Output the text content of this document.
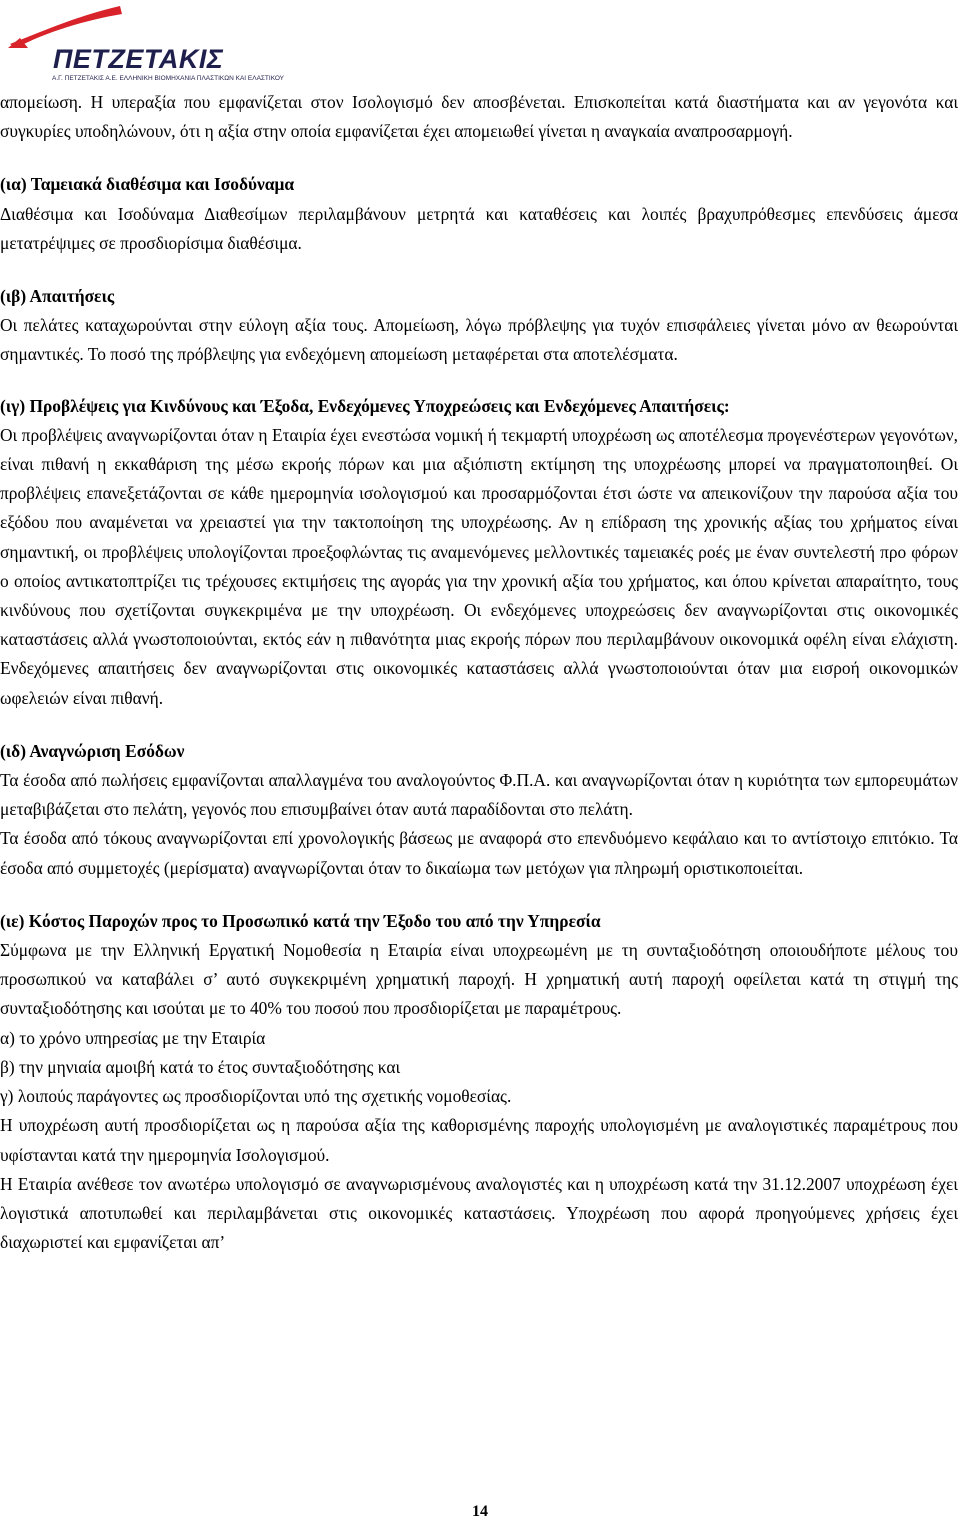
ΠΕΤΖΕΤΑΚΙΣ
Α.Γ. ΠΕΤΖΕΤΑΚΙΣ Α.Ε. ΕΛΛΗΝΙΚΗ ΒΙΟΜΗΧΑΝΙΑ ΠΛΑΣΤΙΚΩΝ ΚΑΙ ΕΛΑΣΤΙΚΟΥ

απομείωση. Η υπεραξία που εμφανίζεται στον Ισολογισμό δεν αποσβένεται. Επισκοπείται κατά διαστήματα και αν γεγονότα και συγκυρίες υποδηλώνουν, ότι η αξία στην οποία εμφανίζεται έχει απομειωθεί γίνεται η αναγκαία αναπροσαρμογή.

(ια) Ταμειακά διαθέσιμα και Ισοδύναμα

Διαθέσιμα και Ισοδύναμα Διαθεσίμων περιλαμβάνουν μετρητά και καταθέσεις και λοιπές βραχυπρόθεσμες επενδύσεις άμεσα μετατρέψιμες σε προσδιορίσιμα διαθέσιμα.

(ιβ) Απαιτήσεις

Οι πελάτες καταχωρούνται στην εύλογη αξία τους. Απομείωση, λόγω πρόβλεψης για τυχόν επισφάλειες γίνεται μόνο αν θεωρούνται σημαντικές. Το ποσό της πρόβλεψης για ενδεχόμενη απομείωση μεταφέρεται στα αποτελέσματα.

(ιγ) Προβλέψεις για Κινδύνους και Έξοδα, Ενδεχόμενες Υποχρεώσεις και Ενδεχόμενες Απαιτήσεις:

Οι προβλέψεις αναγνωρίζονται όταν η Εταιρία έχει ενεστώσα νομική ή τεκμαρτή υποχρέωση ως αποτέλεσμα προγενέστερων γεγονότων, είναι πιθανή η εκκαθάριση της μέσω εκροής πόρων και μια αξιόπιστη εκτίμηση της υποχρέωσης μπορεί να πραγματοποιηθεί. Οι προβλέψεις επανεξετάζονται σε κάθε ημερομηνία ισολογισμού και προσαρμόζονται έτσι ώστε να απεικονίζουν την παρούσα αξία του εξόδου που αναμένεται να χρειαστεί για την τακτοποίηση της υποχρέωσης. Αν η επίδραση της χρονικής αξίας του χρήματος είναι σημαντική, οι προβλέψεις υπολογίζονται προεξοφλώντας τις αναμενόμενες μελλοντικές ταμειακές ροές με έναν συντελεστή προ φόρων ο οποίος αντικατοπτρίζει τις τρέχουσες εκτιμήσεις της αγοράς για την χρονική αξία του χρήματος, και όπου κρίνεται απαραίτητο, τους κινδύνους που σχετίζονται συγκεκριμένα με την υποχρέωση. Οι ενδεχόμενες υποχρεώσεις δεν αναγνωρίζονται στις οικονομικές καταστάσεις αλλά γνωστοποιούνται, εκτός εάν η πιθανότητα μιας εκροής πόρων που περιλαμβάνουν οικονομικά οφέλη είναι ελάχιστη. Ενδεχόμενες απαιτήσεις δεν αναγνωρίζονται στις οικονομικές καταστάσεις αλλά γνωστοποιούνται όταν μια εισροή οικονομικών ωφελειών είναι πιθανή.

(ιδ) Αναγνώριση Εσόδων

Τα έσοδα από πωλήσεις εμφανίζονται απαλλαγμένα του αναλογούντος Φ.Π.Α. και αναγνωρίζονται όταν η κυριότητα των εμπορευμάτων μεταβιβάζεται στο πελάτη, γεγονός που επισυμβαίνει όταν αυτά παραδίδονται στο πελάτη.

Τα έσοδα από τόκους αναγνωρίζονται επί χρονολογικής βάσεως με αναφορά στο επενδυόμενο κεφάλαιο και το αντίστοιχο επιτόκιο. Τα έσοδα από συμμετοχές (μερίσματα) αναγνωρίζονται όταν το δικαίωμα των μετόχων για πληρωμή οριστικοποιείται.

(ιε) Κόστος Παροχών προς το Προσωπικό κατά την Έξοδο του από την Υπηρεσία

Σύμφωνα με την Ελληνική Εργατική Νομοθεσία η Εταιρία είναι υποχρεωμένη με τη συνταξιοδότηση οποιουδήποτε μέλους του προσωπικού να καταβάλει σ’ αυτό συγκεκριμένη χρηματική παροχή. Η χρηματική αυτή παροχή οφείλεται κατά τη στιγμή της συνταξιοδότησης και ισούται με το 40% του ποσού που προσδιορίζεται με παραμέτρους.

α) το χρόνο υπηρεσίας με την Εταιρία

β) την μηνιαία αμοιβή κατά το έτος συνταξιοδότησης και

γ) λοιπούς παράγοντες ως προσδιορίζονται υπό της σχετικής νομοθεσίας.

Η υποχρέωση αυτή προσδιορίζεται ως η παρούσα αξία της καθορισμένης παροχής υπολογισμένη με αναλογιστικές παραμέτρους που υφίστανται κατά την ημερομηνία Ισολογισμού.

Η Εταιρία ανέθεσε τον ανωτέρω υπολογισμό σε αναγνωρισμένους αναλογιστές και η υποχρέωση κατά την 31.12.2007 υποχρέωση έχει λογιστικά αποτυπωθεί και περιλαμβάνεται στις οικονομικές καταστάσεις. Υποχρέωση που αφορά προηγούμενες χρήσεις έχει διαχωριστεί και εμφανίζεται απ’

14
